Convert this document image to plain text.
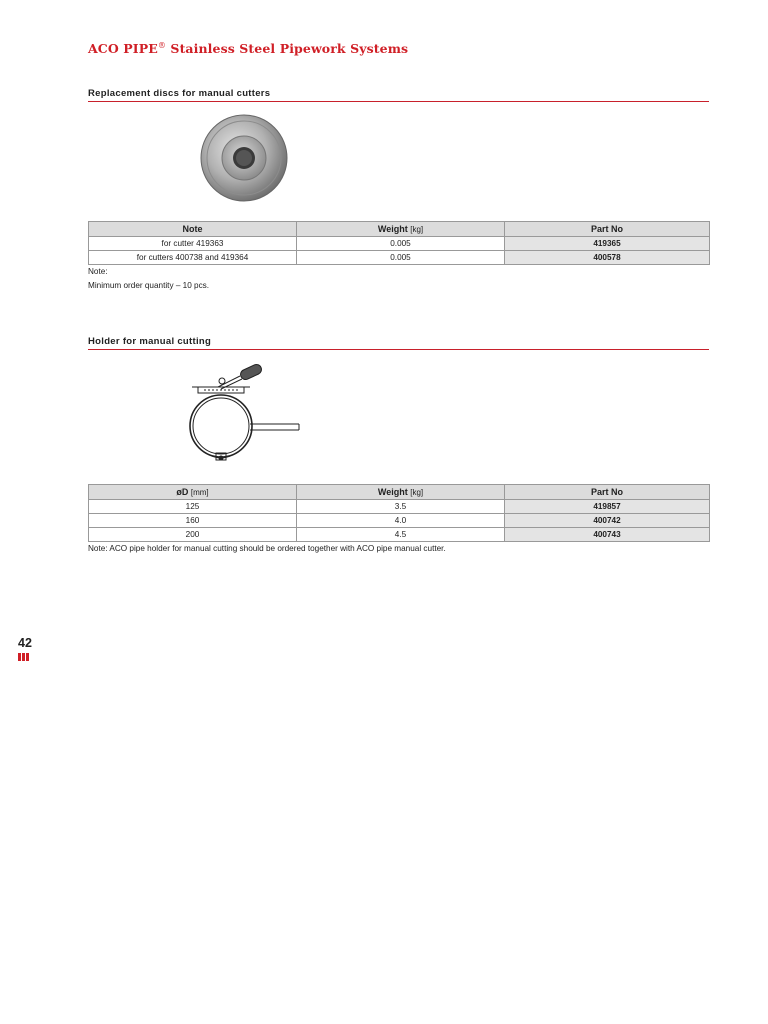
ACO PIPE® Stainless Steel Pipework Systems
Replacement discs for manual cutters
Note	Weight [kg]	Part No
for cutter 419363	0.005	419365
for cutters 400738 and 419364	0.005	400578

Note:

Minimum order quantity – 10 pcs.

Holder for manual cutting
øD [mm]	Weight [kg]	Part No
125	3.5	419857
160	4.0	400742
200	4.5	400743

Note: ACO pipe holder for manual cutting should be ordered together with ACO pipe manual cutter.

42
